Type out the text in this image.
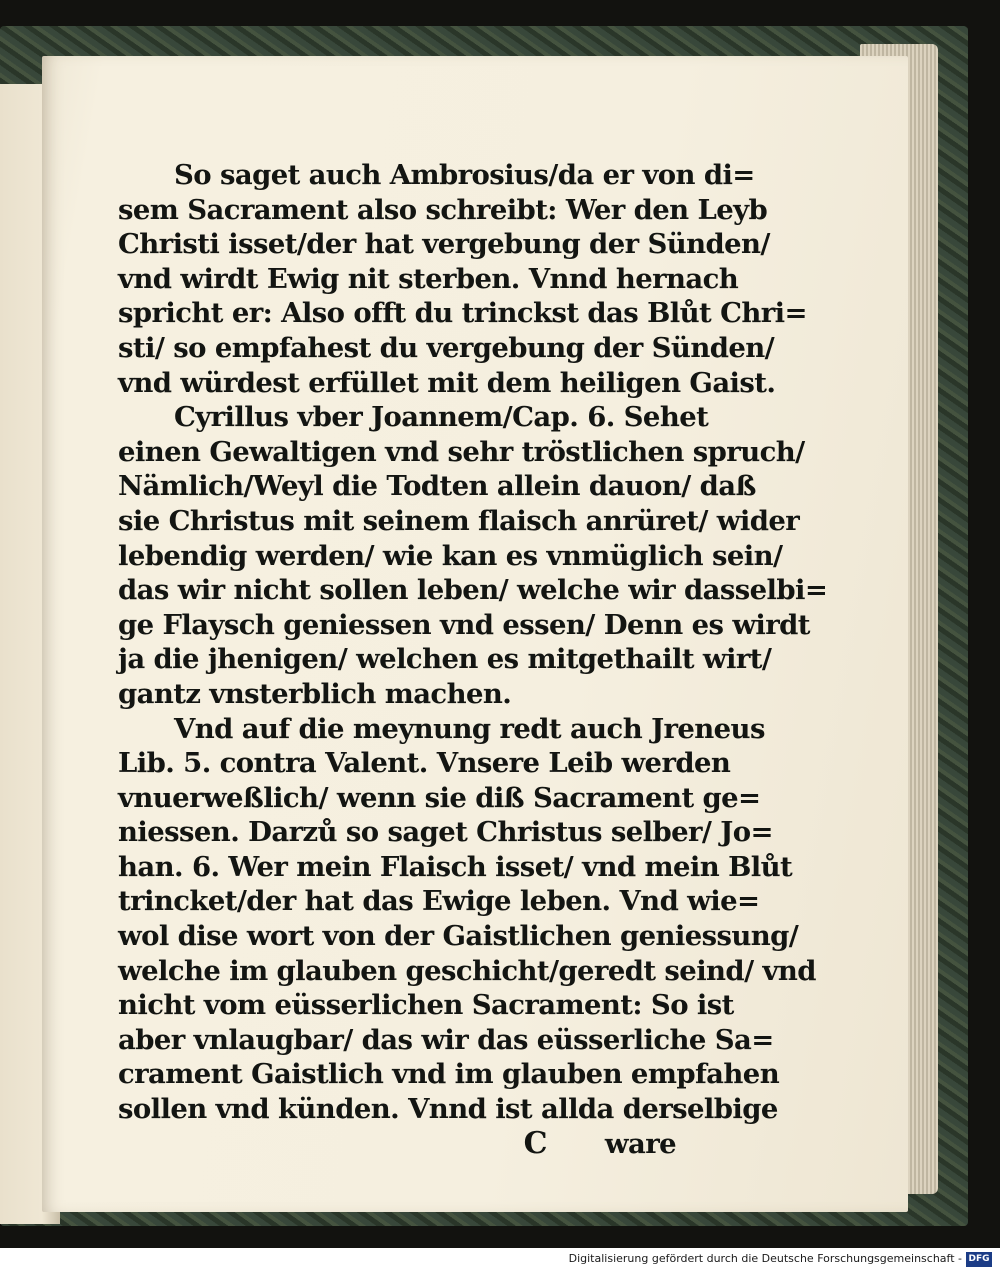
So saget auch Ambrosius/da er von di=
sem Sacrament also schreibt: Wer den Leyb
Christi isset/der hat vergebung der Sünden/
vnd wirdt Ewig nit sterben. Vnnd hernach
spricht er: Also offt du trinckst das Blůt Chri=
sti/ so empfahest du vergebung der Sünden/
vnd würdest erfüllet mit dem heiligen Gaist.
Cyrillus vber Joannem/Cap. 6. Sehet
einen Gewaltigen vnd sehr tröstlichen spruch/
Nämlich/Weyl die Todten allein dauon/ daß
sie Christus mit seinem flaisch anrüret/ wider
lebendig werden/ wie kan es vnmüglich sein/
das wir nicht sollen leben/ welche wir dasselbi=
ge Flaysch geniessen vnd essen/ Denn es wirdt
ja die jhenigen/ welchen es mitgethailt wirt/
gantz vnsterblich machen.
Vnd auf die meynung redt auch Jreneus
Lib. 5. contra Valent. Vnsere Leib werden
vnuerweßlich/ wenn sie diß Sacrament ge=
niessen. Darzů so saget Christus selber/ Jo=
han. 6. Wer mein Flaisch isset/ vnd mein Blůt
trincket/der hat das Ewige leben. Vnd wie=
wol dise wort von der Gaistlichen geniessung/
welche im glauben geschicht/geredt seind/ vnd
nicht vom eüsserlichen Sacrament: So ist
aber vnlaugbar/ das wir das eüsserliche Sa=
crament Gaistlich vnd im glauben empfahen
sollen vnd künden. Vnnd ist allda derselbige
C ware
Digitalisierung gefördert durch die Deutsche Forschungsgemeinschaft - DFG
